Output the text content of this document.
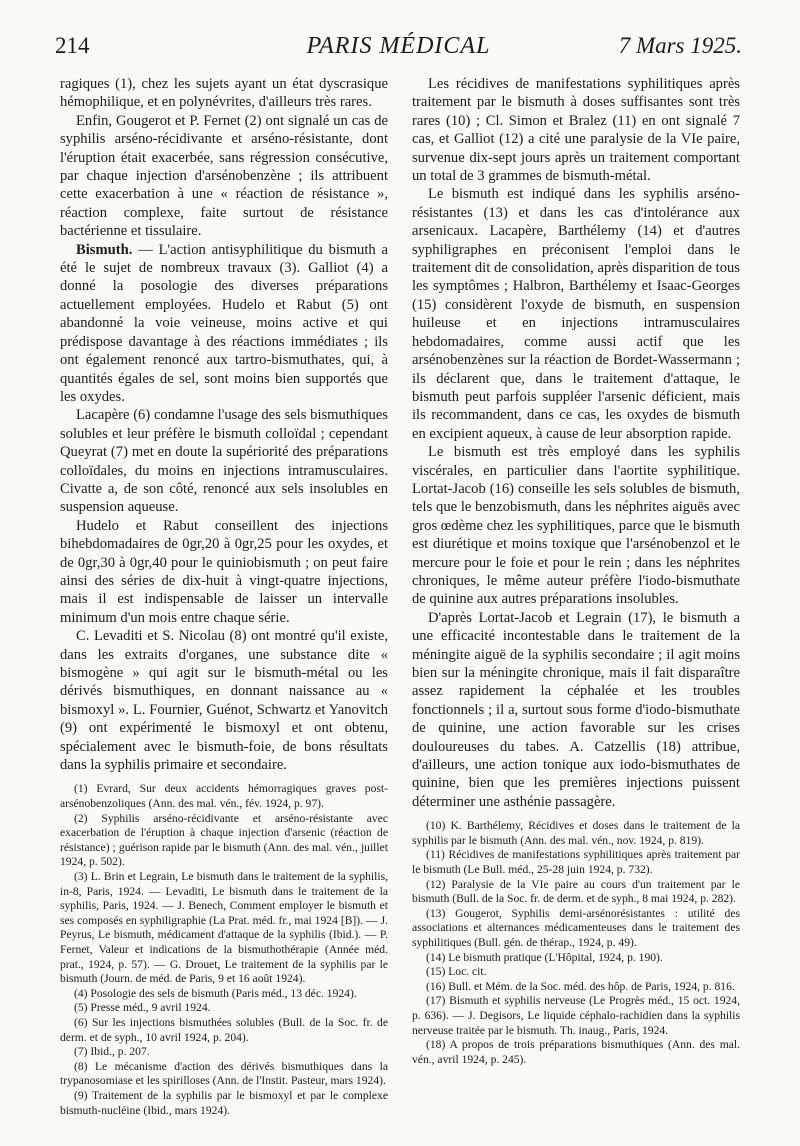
214	PARIS MÉDICAL	7 Mars 1925.

ragiques (1), chez les sujets ayant un état dyscrasique hémophilique, et en polynévrites, d'ailleurs très rares.

Enfin, Gougerot et P. Fernet (2) ont signalé un cas de syphilis arséno-récidivante et arséno-résistante, dont l'éruption était exacerbée, sans régression consécutive, par chaque injection d'arsénobenzène ; ils attribuent cette exacerbation à une « réaction de résistance », réaction complexe, faite surtout de résistance bactérienne et tissulaire.

Bismuth. — L'action antisyphilitique du bismuth a été le sujet de nombreux travaux (3). Galliot (4) a donné la posologie des diverses préparations actuellement employées. Hudelo et Rabut (5) ont abandonné la voie veineuse, moins active et qui prédispose davantage à des réactions immédiates ; ils ont également renoncé aux tartro-bismuthates, qui, à quantités égales de sel, sont moins bien supportés que les oxydes.

Lacapère (6) condamne l'usage des sels bismuthiques solubles et leur préfère le bismuth colloïdal ; cependant Queyrat (7) met en doute la supériorité des préparations colloïdales, du moins en injections intramusculaires. Civatte a, de son côté, renoncé aux sels insolubles en suspension aqueuse.

Hudelo et Rabut conseillent des injections bihebdomadaires de 0gr,20 à 0gr,25 pour les oxydes, et de 0gr,30 à 0gr,40 pour le quiniobismuth ; on peut faire ainsi des séries de dix-huit à vingt-quatre injections, mais il est indispensable de laisser un intervalle minimum d'un mois entre chaque série.

C. Levaditi et S. Nicolau (8) ont montré qu'il existe, dans les extraits d'organes, une substance dite « bismogène » qui agit sur le bismuth-métal ou les dérivés bismuthiques, en donnant naissance au « bismoxyl ». L. Fournier, Guénot, Schwartz et Yanovitch (9) ont expérimenté le bismoxyl et ont obtenu, spécialement avec le bismuth-foie, de bons résultats dans la syphilis primaire et secondaire.

(1) Evrard, Sur deux accidents hémorragiques graves post-arsénobenzoliques (Ann. des mal. vén., fév. 1924, p. 97).

(2) Syphilis arséno-récidivante et arséno-résistante avec exacerbation de l'éruption à chaque injection d'arsenic (réaction de résistance) ; guérison rapide par le bismuth (Ann. des mal. vén., juillet 1924, p. 502).

(3) L. Brin et Legrain, Le bismuth dans le traitement de la syphilis, in-8, Paris, 1924. — Levaditi, Le bismuth dans le traitement de la syphilis, Paris, 1924. — J. Benech, Comment employer le bismuth et ses composés en syphiligraphie (La Prat. méd. fr., mai 1924 [B]). — J. Peyrus, Le bismuth, médicament d'attaque de la syphilis (Ibid.). — P. Fernet, Valeur et indications de la bismuthothérapie (Année méd. prat., 1924, p. 57). — G. Drouet, Le traitement de la syphilis par le bismuth (Journ. de méd. de Paris, 9 et 16 août 1924).

(4) Posologie des sels de bismuth (Paris méd., 13 déc. 1924).

(5) Presse méd., 9 avril 1924.

(6) Sur les injections bismuthées solubles (Bull. de la Soc. fr. de derm. et de syph., 10 avril 1924, p. 204).

(7) Ibid., p. 207.

(8) Le mécanisme d'action des dérivés bismuthiques dans la trypanosomiase et les spirilloses (Ann. de l'Instit. Pasteur, mars 1924).

(9) Traitement de la syphilis par le bismoxyl et par le complexe bismuth-nucléine (Ibid., mars 1924).

Les récidives de manifestations syphilitiques après traitement par le bismuth à doses suffisantes sont très rares (10) ; Cl. Simon et Bralez (11) en ont signalé 7 cas, et Galliot (12) a cité une paralysie de la VIe paire, survenue dix-sept jours après un traitement comportant un total de 3 grammes de bismuth-métal.

Le bismuth est indiqué dans les syphilis arséno-résistantes (13) et dans les cas d'intolérance aux arsenicaux. Lacapère, Barthélemy (14) et d'autres syphiligraphes en préconisent l'emploi dans le traitement dit de consolidation, après disparition de tous les symptômes ; Halbron, Barthélemy et Isaac-Georges (15) considèrent l'oxyde de bismuth, en suspension huileuse et en injections intramusculaires hebdomadaires, comme aussi actif que les arsénobenzènes sur la réaction de Bordet-Wassermann ; ils déclarent que, dans le traitement d'attaque, le bismuth peut parfois suppléer l'arsenic déficient, mais ils recommandent, dans ce cas, les oxydes de bismuth en excipient aqueux, à cause de leur absorption rapide.

Le bismuth est très employé dans les syphilis viscérales, en particulier dans l'aortite syphilitique. Lortat-Jacob (16) conseille les sels solubles de bismuth, tels que le benzobismuth, dans les néphrites aiguës avec gros œdème chez les syphilitiques, parce que le bismuth est diurétique et moins toxique que l'arsénobenzol et le mercure pour le foie et pour le rein ; dans les néphrites chroniques, le même auteur préfère l'iodo-bismuthate de quinine aux autres préparations insolubles.

D'après Lortat-Jacob et Legrain (17), le bismuth a une efficacité incontestable dans le traitement de la méningite aiguë de la syphilis secondaire ; il agit moins bien sur la méningite chronique, mais il fait disparaître assez rapidement la céphalée et les troubles fonctionnels ; il a, surtout sous forme d'iodo-bismuthate de quinine, une action favorable sur les crises douloureuses du tabes. A. Catzellis (18) attribue, d'ailleurs, une action tonique aux iodo-bismuthates de quinine, bien que les premières injections puissent déterminer une asthénie passagère.

(10) K. Barthélemy, Récidives et doses dans le traitement de la syphilis par le bismuth (Ann. des mal. vén., nov. 1924, p. 819).

(11) Récidives de manifestations syphilitiques après traitement par le bismuth (Le Bull. méd., 25-28 juin 1924, p. 732).

(12) Paralysie de la VIe paire au cours d'un traitement par le bismuth (Bull. de la Soc. fr. de derm. et de syph., 8 mai 1924, p. 282).

(13) Gougerot, Syphilis demi-arsénorésistantes : utilité des associations et alternances médicamenteuses dans le traitement des syphilitiques (Bull. gén. de thérap., 1924, p. 49).

(14) Le bismuth pratique (L'Hôpital, 1924, p. 190).

(15) Loc. cit.

(16) Bull. et Mém. de la Soc. méd. des hôp. de Paris, 1924, p. 816.

(17) Bismuth et syphilis nerveuse (Le Progrès méd., 15 oct. 1924, p. 636). — J. Degisors, Le liquide céphalo-rachidien dans la syphilis nerveuse traitée par le bismuth. Th. inaug., Paris, 1924.

(18) A propos de trois préparations bismuthiques (Ann. des mal. vén., avril 1924, p. 245).
